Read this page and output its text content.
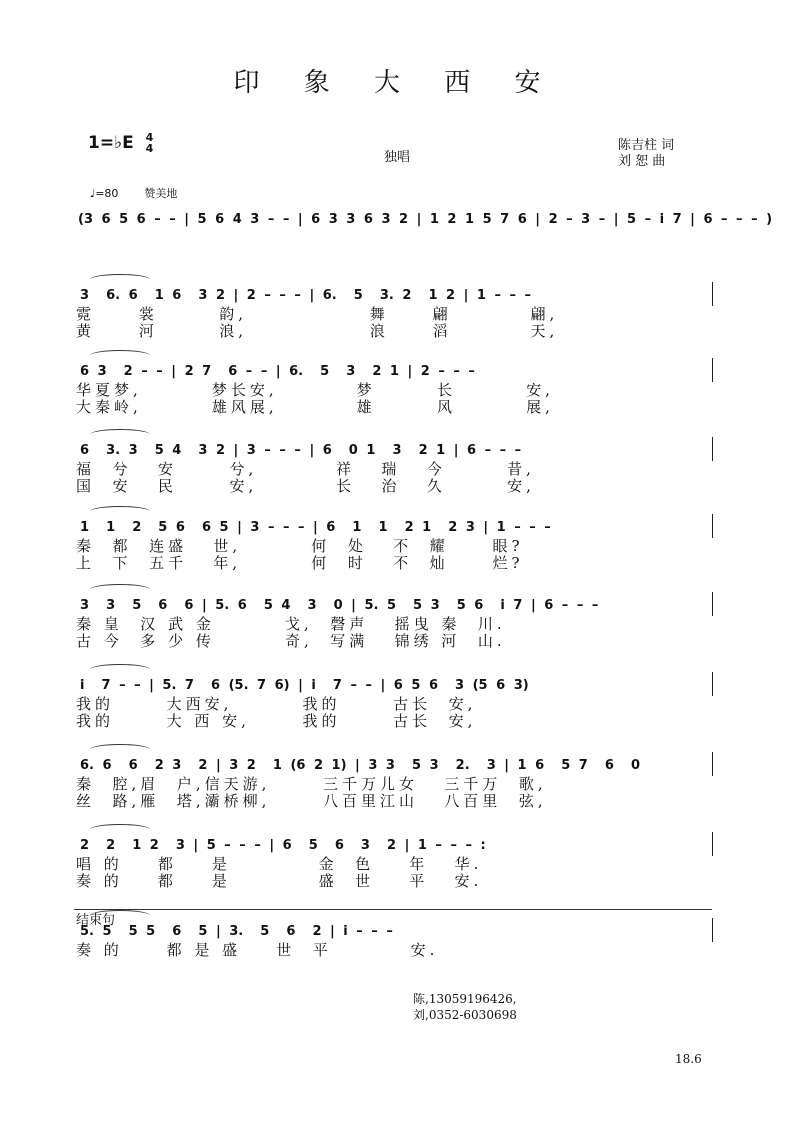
印 象 大 西 安
1=♭E 4
4
独唱
陈吉柱 词
刘 恕 曲
♩=80 赞美地
(3 6 5 6 – – | 5 6 4 3 – – | 6 3 3 6 3 2 | 1 2 1 5 7 6 | 2 – 3 – | 5 – i 7 | 6 – – – )
3  6. 6  1 6  3 2 | 2 – – – | 6.  5  3. 2  1 2 | 1 – – –
霓     裳       韵,              舞     翩         翩,
黄     河       浪,              浪     滔         天,
6 3  2 – – | 2 7  6 – – | 6.  5  3  2 1 | 2 – – –
华夏梦,        梦长安,         梦       长        安,
大秦岭,        雄风展,         雄       风        展,
6  3. 3  5 4  3 2 | 3 – – – | 6  0 1  3  2 1 | 6 – – –
福  兮   安      兮,         祥   瑞   今       昔,
国  安   民      安,         长   治   久       安,
1  1  2  5 6  6 5 | 3 – – – | 6  1  1  2 1  2 3 | 1 – – –
秦  都  连盛   世,        何  处   不  耀     眼?
上  下  五千   年,        何  时   不  灿     烂?
3  3  5  6  6 | 5. 6  5 4  3  0 | 5. 5  5 3  5 6  i 7 | 6 – – –
秦 皇  汉 武 金        戈,  磬声   摇曳 秦  川.
古 今  多 少 传        奇,  写满   锦绣 河  山.
i  7 – – | 5. 7  6 (5. 7 6) | i  7 – – | 6 5 6  3 (5 6 3)
我的      大西安,        我的      古长  安,
我的      大 西 安,      我的      古长  安,
6. 6  6  2 3  2 | 3 2  1 (6 2 1) | 3 3  5 3  2.  3 | 1 6  5 7  6  0
秦  腔,眉  户,信天游,      三千万儿女   三千万  歌,
丝  路,雁  塔,灞桥柳,      八百里江山   八百里  弦,
2  2  1 2  3 | 5 – – – | 6  5  6  3  2 | 1 – – – :
唱 的    都    是          金  色    年   华.
奏 的    都    是          盛  世    平   安.
5. 5  5 5  6  5 | 3.  5  6  2 | i – – –
奏 的     都 是 盛    世  平         安.
结束句
陈,13059196426,
刘,0352-6030698
18.6
